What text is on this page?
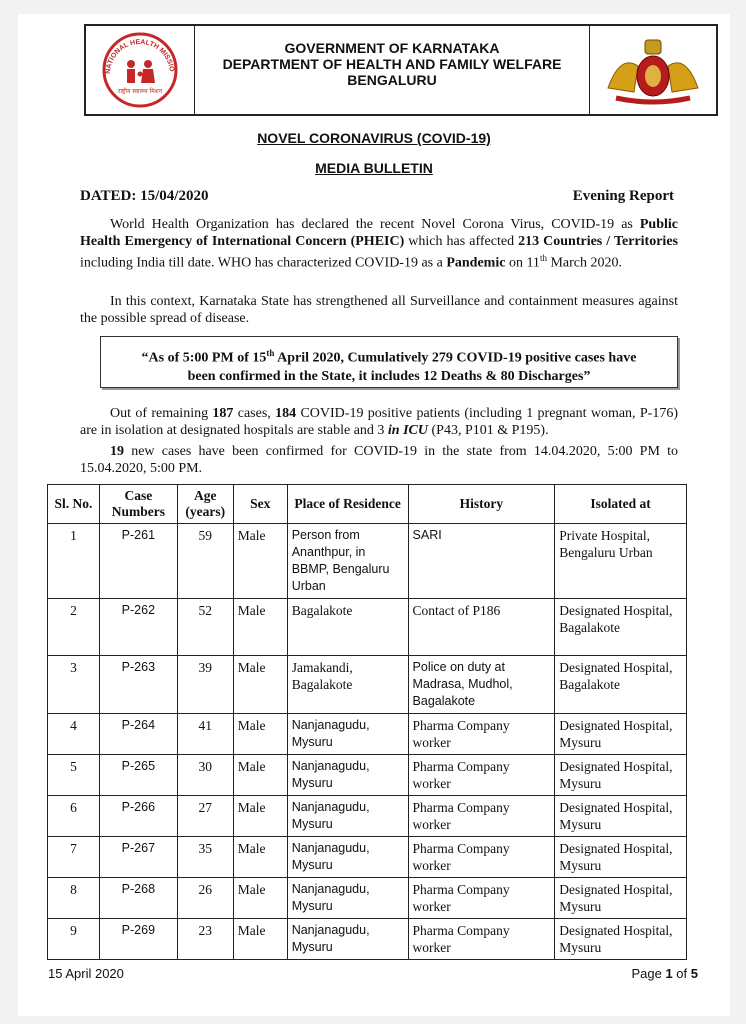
NATIONAL HEALTH MISSIO
राष्ट्रीय स्वास्थ्य मिशन
GOVERNMENT OF KARNATAKA
DEPARTMENT OF HEALTH AND FAMILY WELFARE
BENGALURU
NOVEL CORONAVIRUS (COVID-19)
MEDIA BULLETIN
DATED: 15/04/2020	Evening Report
World Health Organization has declared the recent Novel Corona Virus, COVID-19 as Public Health Emergency of International Concern (PHEIC) which has affected 213 Countries / Territories including India till date. WHO has characterized COVID-19 as a Pandemic on 11th March 2020.
In this context, Karnataka State has strengthened all Surveillance and containment measures against the possible spread of disease.
“As of 5:00 PM of 15th April 2020, Cumulatively 279 COVID-19 positive cases have
been confirmed in the State, it includes 12 Deaths & 80 Discharges”
Out of remaining 187 cases, 184 COVID-19 positive patients (including 1 pregnant woman, P-176) are in isolation at designated hospitals are stable and 3 in ICU (P43, P101 & P195).
19 new cases have been confirmed for COVID-19 in the state from 14.04.2020, 5:00 PM to 15.04.2020, 5:00 PM.
Sl. No.	Case Numbers	Age (years)	Sex	Place of Residence	History	Isolated at
1	P-261	59	Male	Person from Ananthpur, in BBMP, Bengaluru Urban	SARI	Private Hospital, Bengaluru Urban
2	P-262	52	Male	Bagalakote	Contact of P186	Designated Hospital, Bagalakote
3	P-263	39	Male	Jamakandi, Bagalakote	Police on duty at Madrasa, Mudhol, Bagalakote	Designated Hospital, Bagalakote
4	P-264	41	Male	Nanjanagudu, Mysuru	Pharma Company worker	Designated Hospital, Mysuru
5	P-265	30	Male	Nanjanagudu, Mysuru	Pharma Company worker	Designated Hospital, Mysuru
6	P-266	27	Male	Nanjanagudu, Mysuru	Pharma Company worker	Designated Hospital, Mysuru
7	P-267	35	Male	Nanjanagudu, Mysuru	Pharma Company worker	Designated Hospital, Mysuru
8	P-268	26	Male	Nanjanagudu, Mysuru	Pharma Company worker	Designated Hospital, Mysuru
9	P-269	23	Male	Nanjanagudu, Mysuru	Pharma Company worker	Designated Hospital, Mysuru
15 April 2020	Page 1 of 5
